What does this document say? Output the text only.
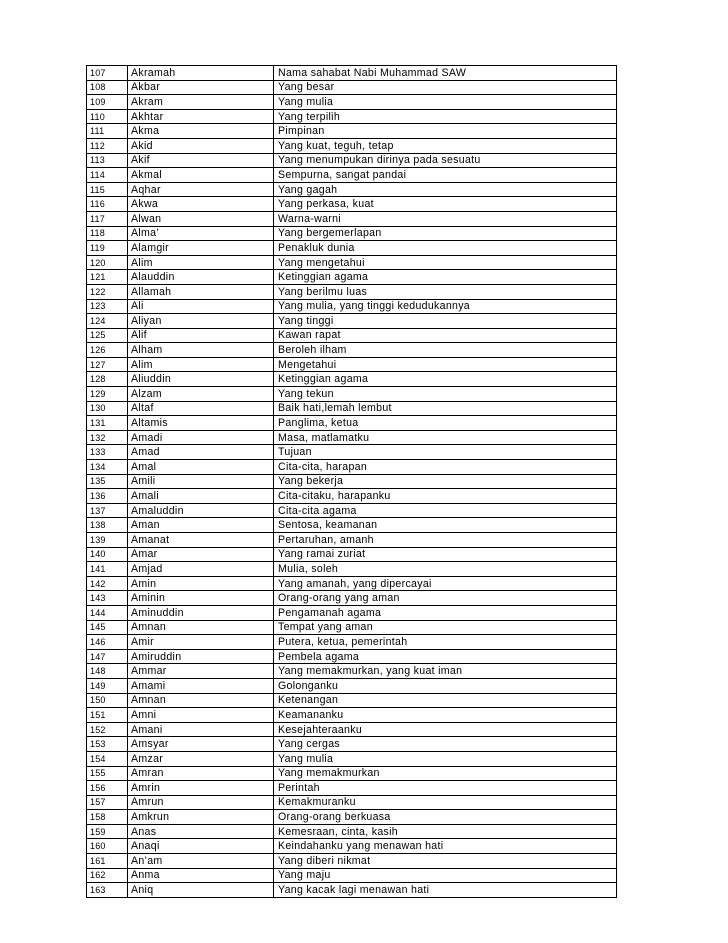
107	Akramah	Nama sahabat Nabi Muhammad SAW
108	Akbar	Yang besar
109	Akram	Yang mulia
110	Akhtar	Yang terpilih
111	Akma	Pimpinan
112	Akid	Yang kuat, teguh, tetap
113	Akif	Yang menumpukan dirinya pada sesuatu
114	Akmal	Sempurna, sangat pandai
115	Aqhar	Yang gagah
116	Akwa	Yang perkasa, kuat
117	Alwan	Warna-warni
118	Alma’	Yang bergemerlapan
119	Alamgir	Penakluk dunia
120	Alim	Yang mengetahui
121	Alauddin	Ketinggian agama
122	Allamah	Yang berilmu luas
123	Ali	Yang mulia, yang tinggi kedudukannya
124	Aliyan	Yang tinggi
125	Alif	Kawan rapat
126	Alham	Beroleh ilham
127	Alim	Mengetahui
128	Aliuddin	Ketinggian agama
129	Alzam	Yang tekun
130	Altaf	Baik hati,lemah lembut
131	Altamis	Panglima, ketua
132	Amadi	Masa, matlamatku
133	Amad	Tujuan
134	Amal	Cita-cita, harapan
135	Amili	Yang bekerja
136	Amali	Cita-citaku, harapanku
137	Amaluddin	Cita-cita agama
138	Aman	Sentosa, keamanan
139	Amanat	Pertaruhan, amanh
140	Amar	Yang ramai zuriat
141	Amjad	Mulia, soleh
142	Amin	Yang amanah, yang dipercayai
143	Aminin	Orang-orang yang aman
144	Aminuddin	Pengamanah agama
145	Amnan	Tempat yang aman
146	Amir	Putera, ketua, pemerintah
147	Amiruddin	Pembela agama
148	Ammar	Yang memakmurkan, yang kuat iman
149	Amami	Golonganku
150	Amnan	Ketenangan
151	Amni	Keamananku
152	Amani	Kesejahteraanku
153	Amsyar	Yang cergas
154	Amzar	Yang mulia
155	Amran	Yang memakmurkan
156	Amrin	Perintah
157	Amrun	Kemakmuranku
158	Amkrun	Orang-orang berkuasa
159	Anas	Kemesraan, cinta, kasih
160	Anaqi	Keindahanku yang menawan hati
161	An’am	Yang diberi nikmat
162	Anma	Yang maju
163	Aniq	Yang kacak lagi menawan hati
